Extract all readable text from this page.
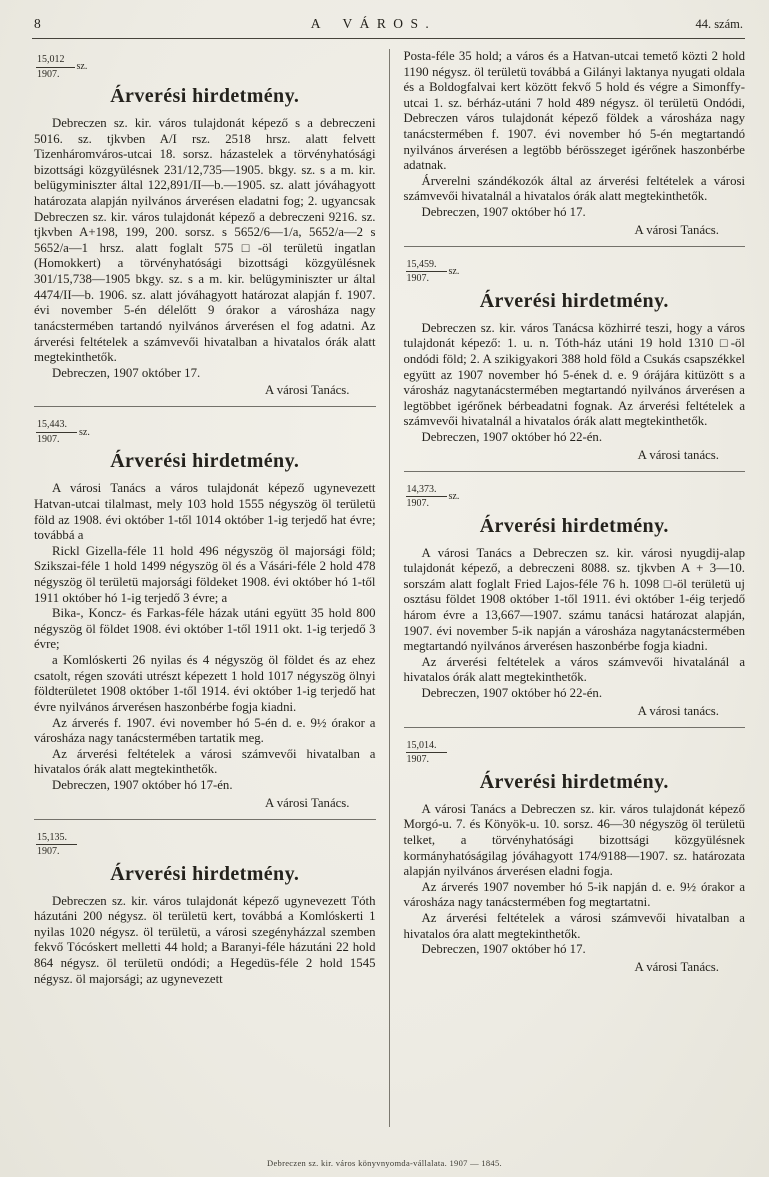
8	A VÁROS.	44. szám.
$\frac{15,012}{1907.}$ sz.
Árverési hirdetmény.

Debreczen sz. kir. város tulajdonát képező s a debreczeni 5016. sz. tjkvben A/I rsz. 2518 hrsz. alatt felvett Tizenháromváros-utcai 18. sorsz. házastelek a törvényhatósági bizottsági közgyülésnek 231/12,735—1905. bkgy. sz. s a m. kir. belügyminiszter által 122,891/II—b.—1905. sz. alatt jóváhagyott határozata alapján nyilvános árverésen eladatni fog; 2. ugyancsak Debreczen sz. kir. város tulajdonát képező a debreczeni 9216. sz. tjkvben A+198, 199, 200. sorsz. s 5652/6—1/a, 5652/a—2 s 5652/a—1 hrsz. alatt foglalt 575□-öl területü ingatlan (Homokkert) a törvényhatósági bizottsági közgyülésnek 301/15,738—1905 bkgy. sz. s a m. kir. belügyminiszter ur által 4474/II—b. 1906. sz. alatt jóváhagyott határozat alapján f. 1907. évi november 5-én délelőtt 9 órakor a városháza nagy tanácstermében tartandó nyilvános árverésen el fog adatni. Az árverési feltételek a számvevői hivatalban a hivatalos órák alatt megtekinthetők.

Debreczen, 1907 október 17.

A városi Tanács.
$\frac{15,443.}{1907.}$ sz.
Árverési hirdetmény.

A városi Tanács a város tulajdonát képező ugynevezett Hatvan-utcai tilalmast, mely 103 hold 1555 négyszög öl területü föld az 1908. évi október 1-től 1014 október 1-ig terjedő hat évre; továbbá a

Rickl Gizella-féle 11 hold 496 négyszög öl majorsági föld; Szikszai-féle 1 hold 1499 négyszög öl és a Vásári-féle 2 hold 478 négyszög öl területü majorsági földeket 1908. évi október hó 1-től 1911 október hó 1-ig terjedő 3 évre; a

Bika-, Koncz- és Farkas-féle házak utáni együtt 35 hold 800 négyszög öl földet 1908. évi október 1-től 1911 okt. 1-ig terjedő 3 évre;

a Komlóskerti 26 nyilas és 4 négyszög öl földet és az ehez csatolt, régen szováti utrészt képezett 1 hold 1017 négyszög ölnyi földterületet 1908 október 1-től 1914. évi október 1-ig terjedő hat évre nyilvános árverésen haszonbérbe fogja kiadni.

Az árverés f. 1907. évi november hó 5-én d. e. 9½ órakor a városháza nagy tanácstermében tartatik meg.

Az árverési feltételek a városi számvevői hivatalban a hivatalos órák alatt megtekinthetők.

Debreczen, 1907 október hó 17-én.

A városi Tanács.
$\frac{15,135.}{1907.}$
Árverési hirdetmény.

Debreczen sz. kir. város tulajdonát képező ugynevezett Tóth házutáni 200 négysz. öl területü kert, továbbá a Komlóskerti 1 nyilas 1020 négysz. öl területü, a városi szegényházzal szemben fekvő Tócóskert melletti 44 hold; a Baranyi-féle házutáni 22 hold 864 négysz. öl területü ondódi; a Hegedüs-féle 2 hold 1545 négysz. öl majorsági; az ugynevezett

Posta-féle 35 hold; a város és a Hatvan-utcai temető közti 2 hold 1190 négysz. öl területü továbbá a Gilányi laktanya nyugati oldala és a Boldogfalvai kert között fekvő 5 hold és végre a Simonffy-utcai 1. sz. bérház-utáni 7 hold 489 négysz. öl területü Ondódi, Debreczen város tulajdonát képező földek a városháza nagy tanácstermében f. 1907. évi november hó 5-én megtartandó nyilvános árverésen a legtöbb bérösszeget igérőnek haszonbérbe adatnak.

Árverelni szándékozók által az árverési feltételek a városi számvevői hivatalnál a hivatalos órák alatt megtekinthetők.

Debreczen, 1907 október hó 17.

A városi Tanács.
$\frac{15,459.}{1907.}$ sz.
Árverési hirdetmény.

Debreczen sz. kir. város Tanácsa közhirré teszi, hogy a város tulajdonát képező: 1. u. n. Tóth-ház utáni 19 hold 1310 □-öl ondódi föld; 2. A szikigyakori 388 hold föld a Csukás csapszékkel együtt az 1907 november hó 5-ének d. e. 9 órájára kitüzött s a városház nagytanácstermében megtartandó nyilvános árverésen a legtöbbet igérőnek bérbeadatni fognak. Az árverési feltételek a számvevői hivatalnál a hivatalos órák alatt megtekinthetők.

Debreczen, 1907 október hó 22-én.

A városi tanács.
$\frac{14,373.}{1907.}$ sz.
Árverési hirdetmény.

A városi Tanács a Debreczen sz. kir. városi nyugdij-alap tulajdonát képező, a debreczeni 8088. sz. tjkvben A + 3—10. sorszám alatt foglalt Fried Lajos-féle 76 h. 1098 □-öl területü uj osztásu földet 1908 október 1-től 1911. évi október 1-éig terjedő három évre a 13,667—1907. számu tanácsi határozat alapján, 1907. évi november 5-ik napján a városháza nagytanácstermében megtartandó nyilvános árverésen haszonbérbe fogja kiadni.

Az árverési feltételek a város számvevői hivatalánál a hivatalos órák alatt megtekinthetők.

Debreczen, 1907 október hó 22-én.

A városi tanács.
$\frac{15,014.}{1907.}$
Árverési hirdetmény.

A városi Tanács a Debreczen sz. kir. város tulajdonát képező Morgó-u. 7. és Könyök-u. 10. sorsz. 46—30 négyszög öl területü telket, a törvényhatósági bizottsági közgyülésnek kormányhatóságilag jóváhagyott 174/9188—1907. sz. határozata alapján nyilvános árverésen eladni fogja.

Az árverés 1907 november hó 5-ik napján d. e. 9½ órakor a városháza nagy tanácstermében fog megtartatni.

Az árverési feltételek a városi számvevői hivatalban a hivatalos óra alatt megtekinthetők.

Debreczen, 1907 október hó 17.

A városi Tanács.
Debreczen sz. kir. város könyvnyomda-vállalata. 1907 — 1845.
